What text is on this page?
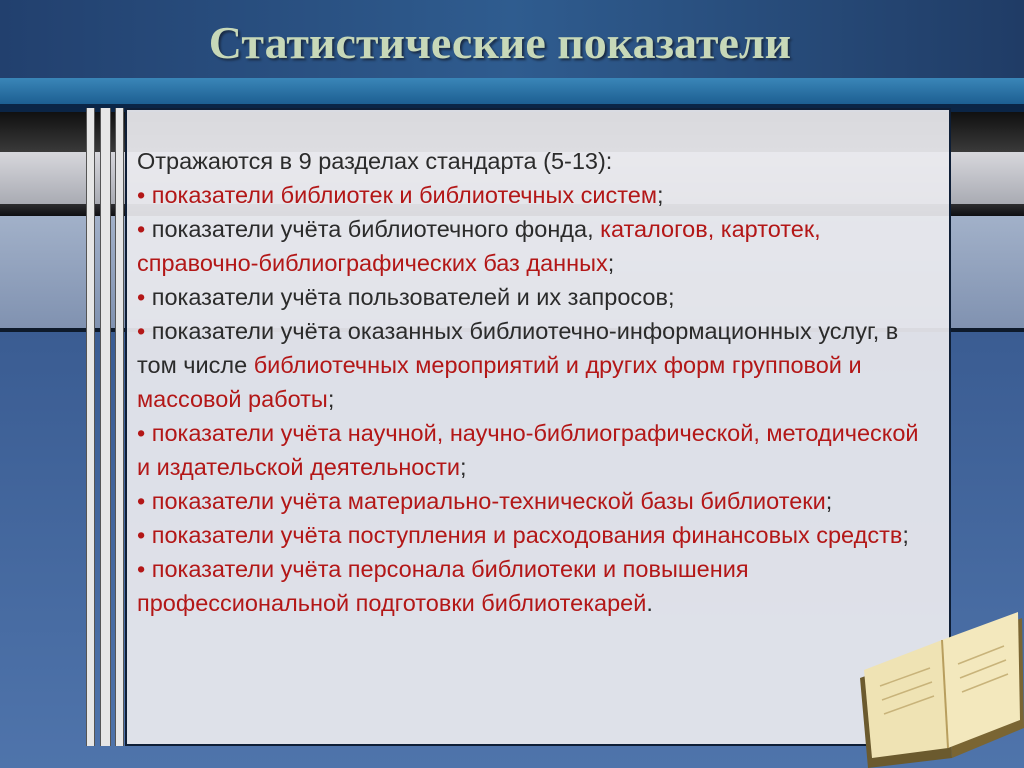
Статистические показатели

Отражаются в 9 разделах стандарта (5-13):

• показатели библиотек и библиотечных систем;

• показатели учёта библиотечного фонда, каталогов, картотек, справочно-библиографических баз данных;

• показатели учёта пользователей и их запросов;

• показатели учёта оказанных библиотечно-информационных услуг, в том числе библиотечных мероприятий и других форм групповой и массовой работы;

• показатели учёта научной, научно-библиографической, методической и издательской деятельности;

• показатели учёта материально-технической базы библиотеки;

• показатели учёта поступления и расходования финансовых средств;

• показатели учёта персонала библиотеки и повышения профессиональной подготовки библиотекарей.
